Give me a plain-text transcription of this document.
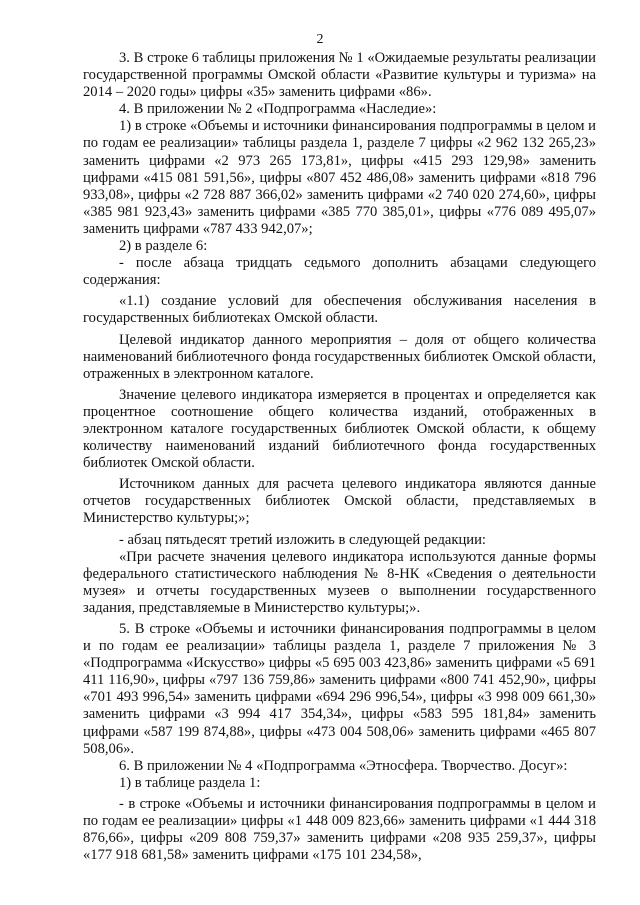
2

3. В строке 6 таблицы приложения № 1 «Ожидаемые результаты реализации государственной программы Омской области «Развитие культуры и туризма» на 2014 – 2020 годы» цифры «35» заменить цифрами «86».

4. В приложении № 2 «Подпрограмма «Наследие»:

1) в строке «Объемы и источники финансирования подпрограммы в целом и по годам ее реализации» таблицы раздела 1, разделе 7 цифры «2 962 132 265,23» заменить цифрами «2 973 265 173,81», цифры «415 293 129,98» заменить цифрами «415 081 591,56», цифры «807 452 486,08» заменить цифрами «818 796 933,08», цифры «2 728 887 366,02» заменить цифрами «2 740 020 274,60», цифры «385 981 923,43» заменить цифрами «385 770 385,01», цифры «776 089 495,07» заменить цифрами «787 433 942,07»;

2) в разделе 6:

- после абзаца тридцать седьмого дополнить абзацами следующего содержания:

«1.1) создание условий для обеспечения обслуживания населения в государственных библиотеках Омской области.

Целевой индикатор данного мероприятия – доля от общего количества наименований библиотечного фонда государственных библиотек Омской области, отраженных в электронном каталоге.

Значение целевого индикатора измеряется в процентах и определяется как процентное соотношение общего количества изданий, отображенных в электронном каталоге государственных библиотек Омской области, к общему количеству наименований изданий библиотечного фонда государственных библиотек Омской области.

Источником данных для расчета целевого индикатора являются данные отчетов государственных библиотек Омской области, представляемых в Министерство культуры;»;

- абзац пятьдесят третий изложить в следующей редакции:

«При расчете значения целевого индикатора используются данные формы федерального статистического наблюдения № 8-НК «Сведения о деятельности музея» и отчеты государственных музеев о выполнении государственного задания, представляемые в Министерство культуры;».

5. В строке «Объемы и источники финансирования подпрограммы в целом и по годам ее реализации» таблицы раздела 1, разделе 7 приложения № 3 «Подпрограмма «Искусство» цифры «5 695 003 423,86» заменить цифрами «5 691 411 116,90», цифры «797 136 759,86» заменить цифрами «800 741 452,90», цифры «701 493 996,54» заменить цифрами «694 296 996,54», цифры «3 998 009 661,30» заменить цифрами «3 994 417 354,34», цифры «583 595 181,84» заменить цифрами «587 199 874,88», цифры «473 004 508,06» заменить цифрами «465 807 508,06».

6. В приложении № 4 «Подпрограмма «Этносфера. Творчество. Досуг»:

1) в таблице раздела 1:

- в строке «Объемы и источники финансирования подпрограммы в целом и по годам ее реализации» цифры «1 448 009 823,66» заменить цифрами «1 444 318 876,66», цифры «209 808 759,37» заменить цифрами «208 935 259,37», цифры «177 918 681,58» заменить цифрами «175 101 234,58»,
